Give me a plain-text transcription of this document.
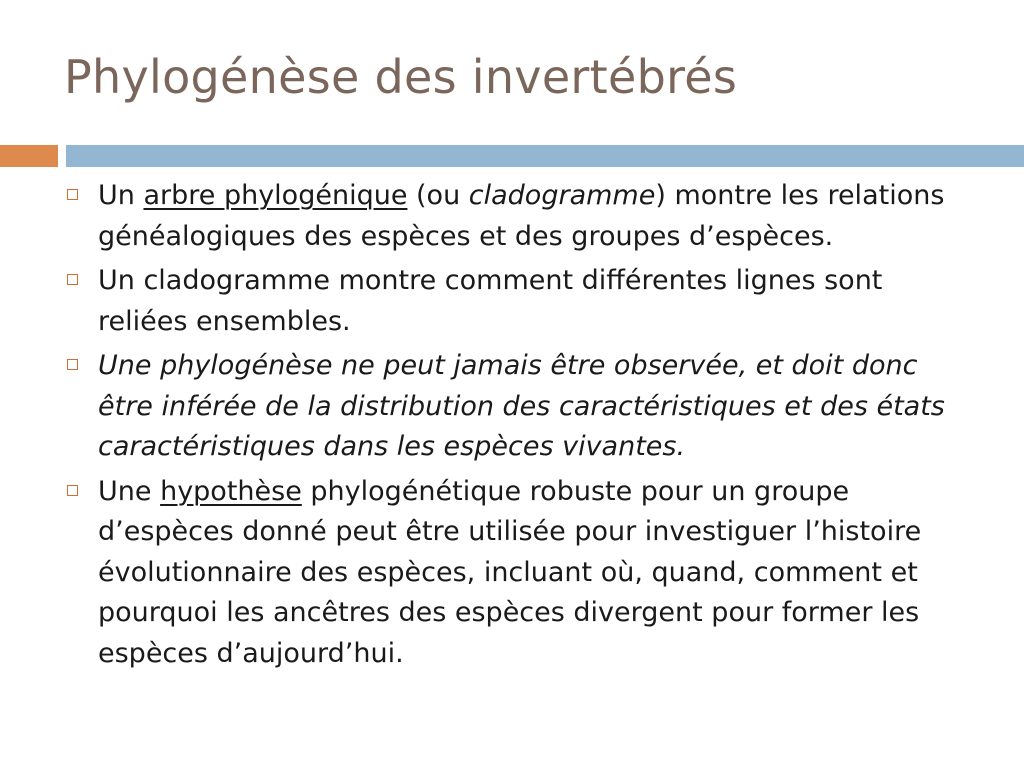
Phylogénèse des invertébrés
Un arbre phylogénique (ou cladogramme) montre les relations généalogiques des espèces et des groupes d’espèces.
Un cladogramme montre comment différentes lignes sont reliées ensembles.
Une phylogénèse ne peut jamais être observée, et doit donc être inférée de la distribution des caractéristiques et des états caractéristiques dans les espèces vivantes.
Une hypothèse phylogénétique robuste pour un groupe d’espèces donné peut être utilisée pour investiguer l’histoire évolutionnaire des espèces, incluant où, quand, comment et pourquoi les ancêtres des espèces divergent pour former les espèces d’aujourd’hui.
